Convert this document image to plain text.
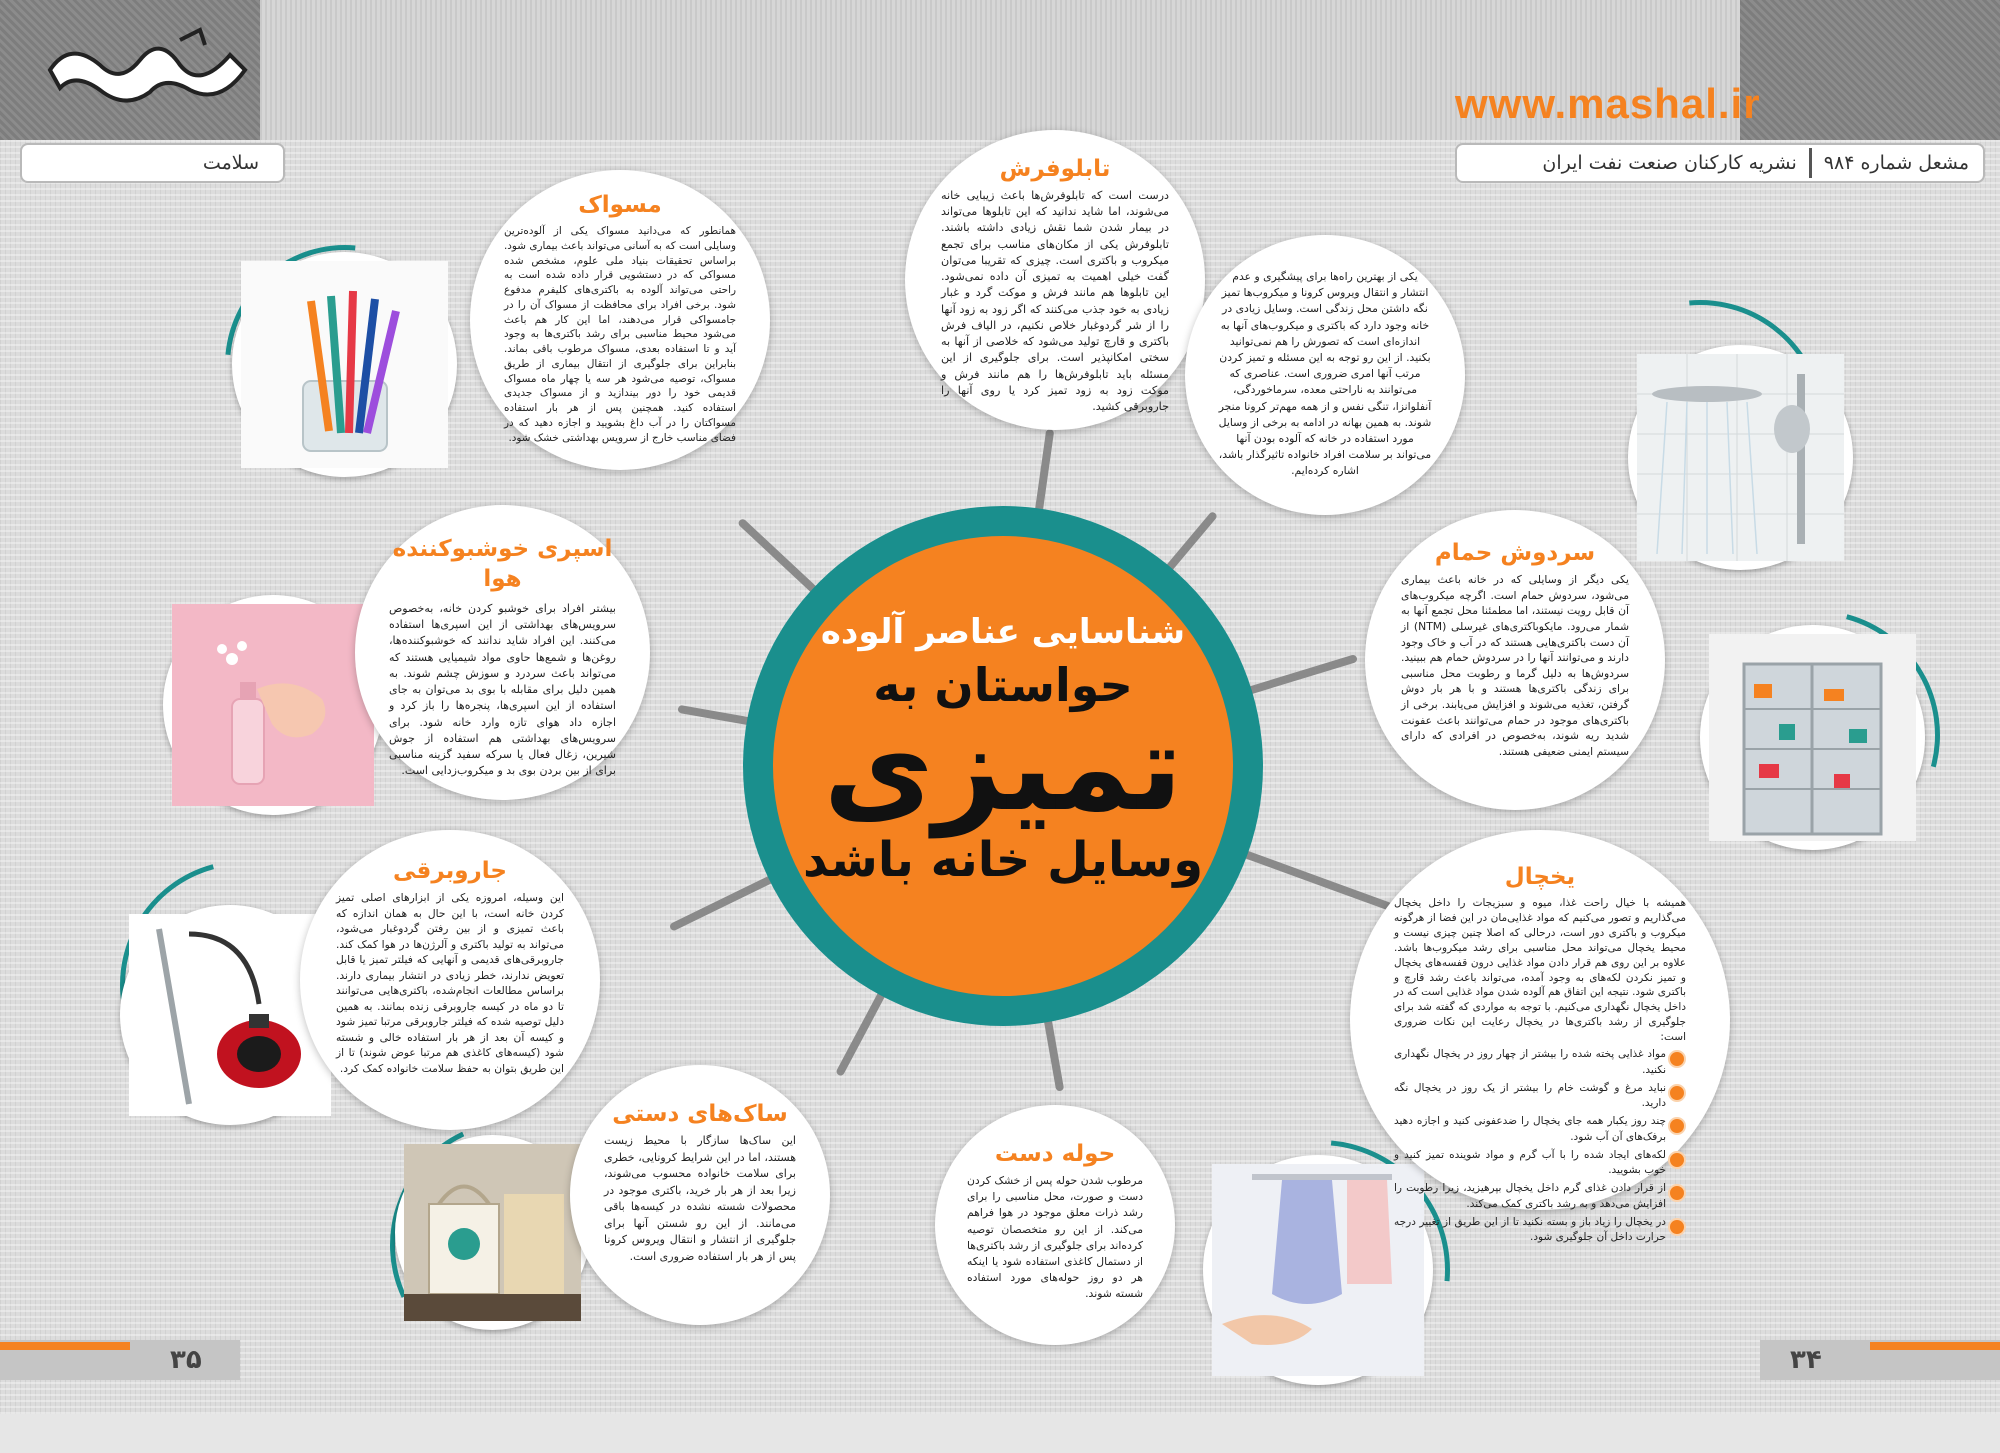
www.mashal.ir
سلامت	مشعل شماره ۹۸۴
نشریه کارکنان صنعت نفت ایران
شناسایی عناصر آلوده
حواستان به
تمیزی
وسایل خانه باشد
تابلوفرش

درست است که تابلوفرش‌ها باعث زیبایی خانه می‌شوند، اما شاید ندانید که این تابلوها می‌تواند در بیمار شدن شما نقش زیادی داشته باشند. تابلوفرش یکی از مکان‌های مناسب برای تجمع میکروب و باکتری است. چیزی که تقریبا می‌توان گفت خیلی اهمیت به تمیزی آن داده نمی‌شود. این تابلوها هم مانند فرش و موکت گرد و غبار زیادی به خود جذب می‌کنند که اگر زود به زود آنها را از شر گردوغبار خلاص نکنیم، در الیاف فرش باکتری و قارچ تولید می‌شود که خلاصی از آنها به سختی امکانپذیر است. برای جلوگیری از این مسئله باید تابلوفرش‌ها را هم مانند فرش و موکت زود به زود تمیز کرد یا روی آنها را جاروبرقی کشید.

مسواک

همانطور که می‌دانید مسواک یکی از آلوده‌ترین وسایلی است که به آسانی می‌تواند باعث بیماری شود. براساس تحقیقات بنیاد ملی علوم، مشخص شده مسواکی که در دستشویی قرار داده شده است به راحتی می‌تواند آلوده به باکتری‌های کلیفرم مدفوع شود. برخی افراد برای محافظت از مسواک آن را در جامسواکی قرار می‌دهند، اما این کار هم باعث می‌شود محیط مناسبی برای رشد باکتری‌ها به وجود آید و تا استفاده بعدی، مسواک مرطوب باقی بماند. بنابراین برای جلوگیری از انتقال بیماری از طریق مسواک، توصیه می‌شود هر سه یا چهار ماه مسواک قدیمی خود را دور بیندازید و از مسواک جدیدی استفاده کنید. همچنین پس از هر بار استفاده مسواکتان را در آب داغ بشویید و اجازه دهید که در فضای مناسب خارج از سرویس بهداشتی خشک شود.

یکی از بهترین راه‌ها برای پیشگیری و عدم انتشار و انتقال ویروس کرونا و میکروب‌ها تمیز نگه داشتن محل زندگی است. وسایل زیادی در خانه وجود دارد که باکتری و میکروب‌های آنها به اندازه‌ای است که تصورش را هم نمی‌توانید بکنید. از این رو توجه به این مسئله و تمیز کردن مرتب آنها امری ضروری است. عناصری که می‌توانند به ناراحتی معده، سرماخوردگی، آنفلوانزا، تنگی نفس و از همه مهم‌تر کرونا منجر شوند. به همین بهانه در ادامه به برخی از وسایل مورد استفاده در خانه که آلوده بودن آنها می‌تواند بر سلامت افراد خانواده تاثیرگذار باشد، اشاره کرده‌ایم.

اسپری خوشبوکننده هوا

بیشتر افراد برای خوشبو کردن خانه، به‌خصوص سرویس‌های بهداشتی از این اسپری‌ها استفاده می‌کنند. این افراد شاید ندانند که خوشبوکننده‌ها، روغن‌ها و شمع‌ها حاوی مواد شیمیایی هستند که می‌تواند باعث سردرد و سوزش چشم شوند. به همین دلیل برای مقابله با بوی بد می‌توان به جای استفاده از این اسپری‌ها، پنجره‌ها را باز کرد و اجازه داد هوای تازه وارد خانه شود. برای سرویس‌های بهداشتی هم استفاده از جوش شیرین، زغال فعال یا سرکه سفید گزینه مناسبی برای از بین بردن بوی بد و میکروب‌زدایی است.

سردوش حمام

یکی دیگر از وسایلی که در خانه باعث بیماری می‌شود، سردوش حمام است. اگرچه میکروب‌های آن قابل رویت نیستند، اما مطمئنا محل تجمع آنها به شمار می‌رود. مایکوباکتری‌های غیرسلی (NTM) از آن دست باکتری‌هایی هستند که در آب و خاک وجود دارند و می‌توانند آنها را در سردوش حمام هم ببینید. سردوش‌ها به دلیل گرما و رطوبت محل مناسبی برای زندگی باکتری‌ها هستند و با هر بار دوش گرفتن، تغذیه می‌شوند و افزایش می‌یابند. برخی از باکتری‌های موجود در حمام می‌توانند باعث عفونت شدید ریه شوند، به‌خصوص در افرادی که دارای سیستم ایمنی ضعیفی هستند.

یخچال

همیشه با خیال راحت غذا، میوه و سبزیجات را داخل یخچال می‌گذاریم و تصور می‌کنیم که مواد غذایی‌مان در این فضا از هرگونه میکروب و باکتری دور است، درحالی که اصلا چنین چیزی نیست و محیط یخچال می‌تواند محل مناسبی برای رشد میکروب‌ها باشد. علاوه بر این روی هم قرار دادن مواد غذایی درون قفسه‌های یخچال و تمیز نکردن لکه‌های به وجود آمده، می‌تواند باعث رشد قارچ و باکتری شود. نتیجه این اتفاق هم آلوده شدن مواد غذایی است که در داخل یخچال نگهداری می‌کنیم. با توجه به مواردی که گفته شد برای جلوگیری از رشد باکتری‌ها در یخچال رعایت این نکات ضروری است:

مواد غذایی پخته شده را بیشتر از چهار روز در یخچال نگهداری نکنید.
نباید مرغ و گوشت خام را بیشتر از یک روز در یخچال نگه دارید.
چند روز یکبار همه جای یخچال را ضدعفونی کنید و اجازه دهید برفک‌های آن آب شود.
لکه‌های ایجاد شده را با آب گرم و مواد شوینده تمیز کنید و خوب بشویید.
از قرار دادن غذای گرم داخل یخچال بپرهیزید، زیرا رطوبت را افزایش می‌دهد و به رشد باکتری کمک می‌کند.
در یخچال را زیاد باز و بسته نکنید تا از این طریق از تغییر درجه حرارت داخل آن جلوگیری شود.
جاروبرقی

این وسیله، امروزه یکی از ابزارهای اصلی تمیز کردن خانه است، با این حال به همان اندازه که باعث تمیزی و از بین رفتن گردوغبار می‌شود، می‌تواند به تولید باکتری و آلرژن‌ها در هوا کمک کند. جاروبرقی‌های قدیمی و آنهایی که فیلتر تمیز یا قابل تعویض ندارند، خطر زیادی در انتشار بیماری دارند. براساس مطالعات انجام‌شده، باکتری‌هایی می‌توانند تا دو ماه در کیسه جاروبرقی زنده بمانند. به همین دلیل توصیه شده که فیلتر جاروبرقی مرتبا تمیز شود و کیسه آن بعد از هر بار استفاده خالی و شسته شود (کیسه‌های کاغذی هم مرتبا عوض شوند) تا از این طریق بتوان به حفظ سلامت خانواده کمک کرد.

ساک‌های دستی

این ساک‌ها سازگار با محیط زیست هستند، اما در این شرایط کرونایی، خطری برای سلامت خانواده محسوب می‌شوند، زیرا بعد از هر بار خرید، باکتری موجود در محصولات شسته نشده در کیسه‌ها باقی می‌مانند. از این رو شستن آنها برای جلوگیری از انتشار و انتقال ویروس کرونا پس از هر بار استفاده ضروری است.

حوله دست

مرطوب شدن حوله پس از خشک کردن دست و صورت، محل مناسبی را برای رشد ذرات معلق موجود در هوا فراهم می‌کند. از این رو متخصصان توصیه کرده‌اند برای جلوگیری از رشد باکتری‌ها از دستمال کاغذی استفاده شود یا اینکه هر دو روز حوله‌های مورد استفاده شسته شوند.

۳۵	۳۴
